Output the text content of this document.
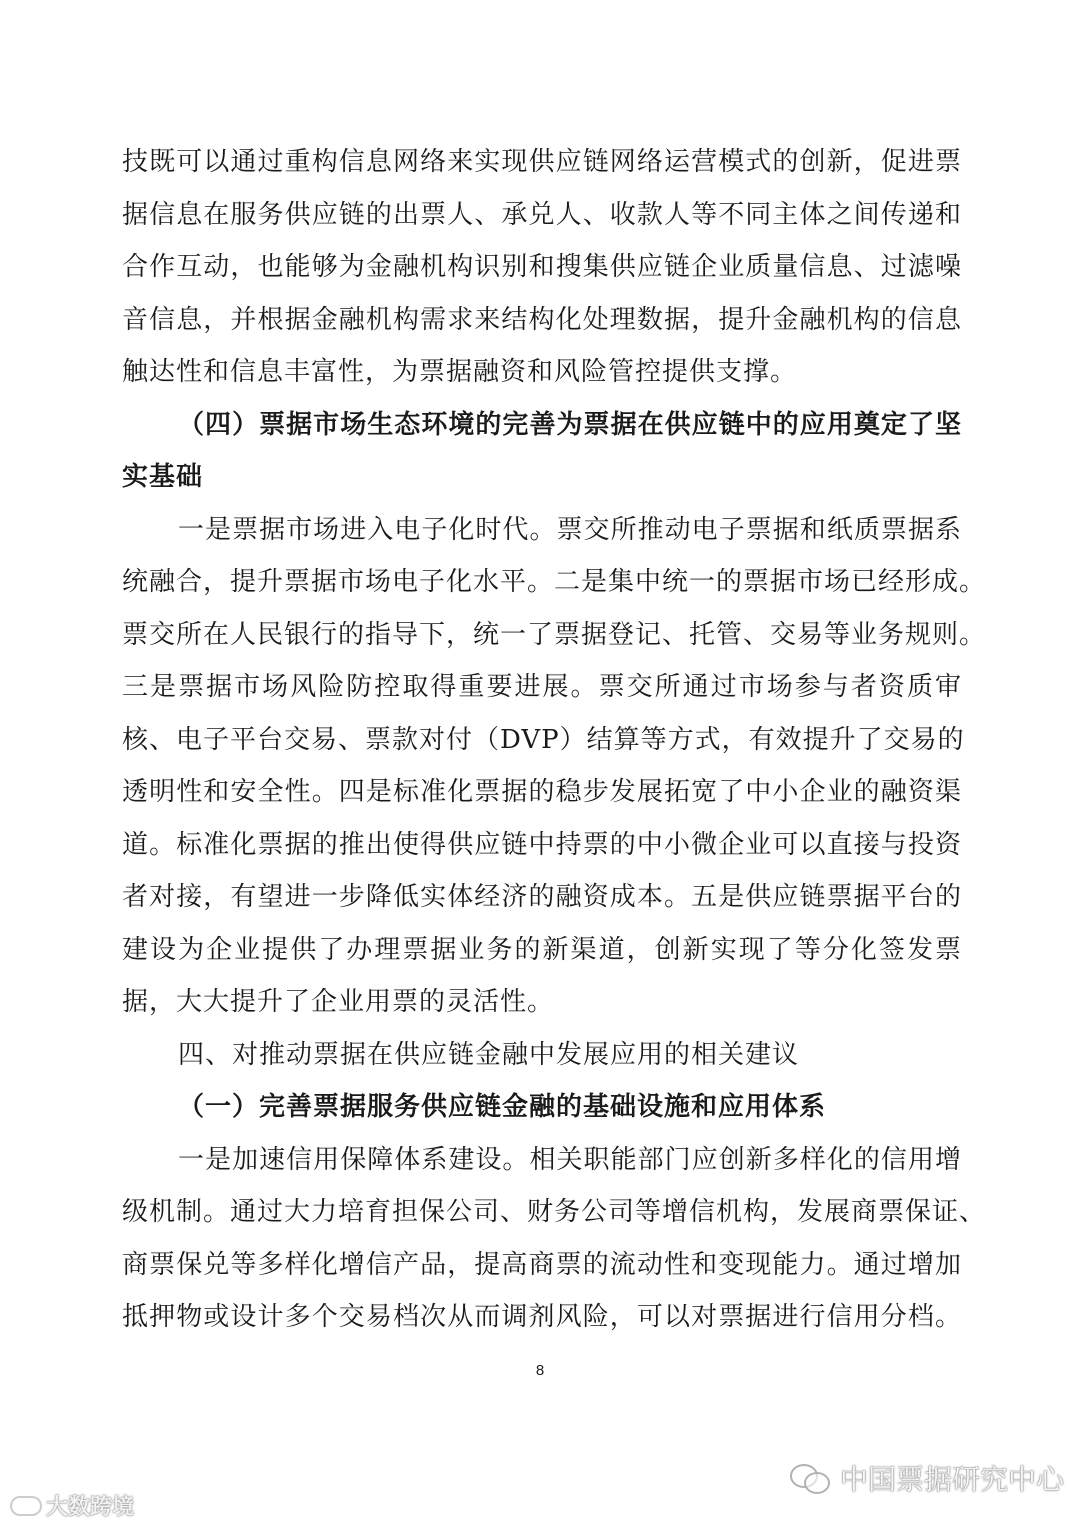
技既可以通过重构信息网络来实现供应链网络运营模式的创新，促进票
据信息在服务供应链的出票人、承兑人、收款人等不同主体之间传递和
合作互动，也能够为金融机构识别和搜集供应链企业质量信息、过滤噪
音信息，并根据金融机构需求来结构化处理数据，提升金融机构的信息
触达性和信息丰富性，为票据融资和风险管控提供支撑。
（四）票据市场生态环境的完善为票据在供应链中的应用奠定了坚
实基础
一是票据市场进入电子化时代。票交所推动电子票据和纸质票据系
统融合，提升票据市场电子化水平。二是集中统一的票据市场已经形成。
票交所在人民银行的指导下，统一了票据登记、托管、交易等业务规则。
三是票据市场风险防控取得重要进展。票交所通过市场参与者资质审
核、电子平台交易、票款对付（DVP）结算等方式，有效提升了交易的
透明性和安全性。四是标准化票据的稳步发展拓宽了中小企业的融资渠
道。标准化票据的推出使得供应链中持票的中小微企业可以直接与投资
者对接，有望进一步降低实体经济的融资成本。五是供应链票据平台的
建设为企业提供了办理票据业务的新渠道，创新实现了等分化签发票
据，大大提升了企业用票的灵活性。
四、对推动票据在供应链金融中发展应用的相关建议
（一）完善票据服务供应链金融的基础设施和应用体系
一是加速信用保障体系建设。相关职能部门应创新多样化的信用增
级机制。通过大力培育担保公司、财务公司等增信机构，发展商票保证、
商票保兑等多样化增信产品，提高商票的流动性和变现能力。通过增加
抵押物或设计多个交易档次从而调剂风险，可以对票据进行信用分档。
8
大数跨境
中国票据研究中心
